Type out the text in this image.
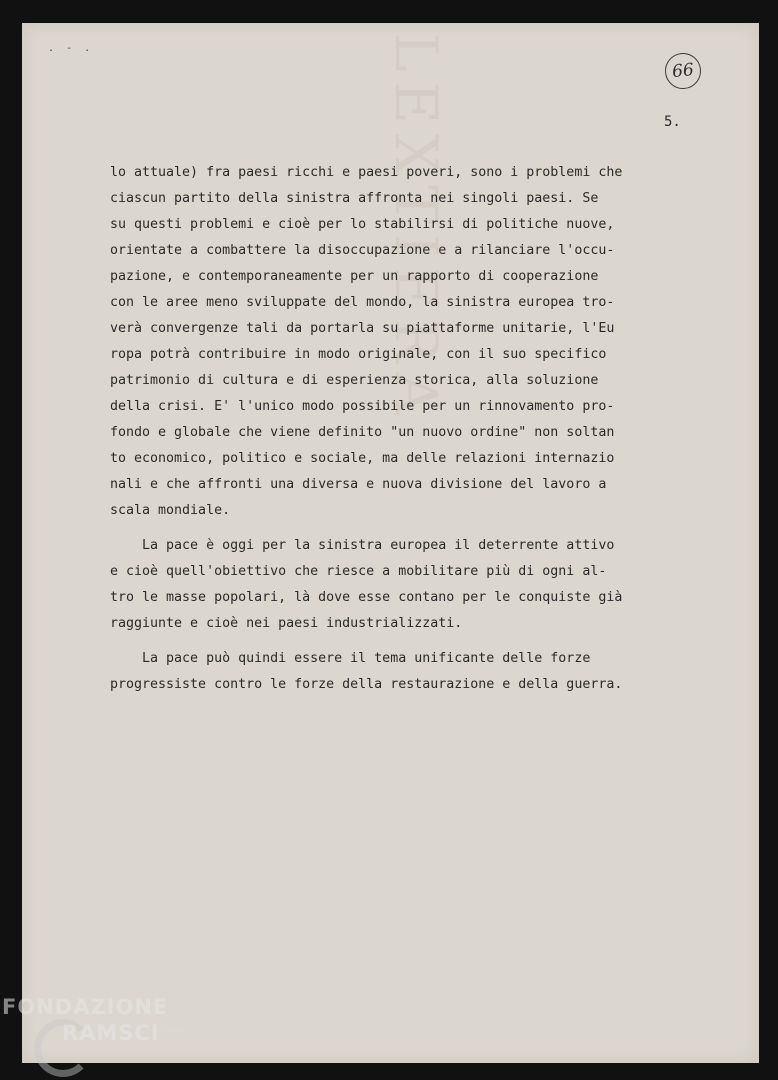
LEXTIERA
. - .
66
5.
lo attuale) fra paesi ricchi e paesi poveri, sono i problemi che
ciascun partito della sinistra affronta nei singoli paesi. Se
su questi problemi e cioè per lo stabilirsi di politiche nuove,
orientate a combattere la disoccupazione e a rilanciare l'occu-
pazione, e contemporaneamente per un rapporto di cooperazione
con le aree meno sviluppate del mondo, la sinistra europea tro-
verà convergenze tali da portarla su piattaforme unitarie, l'Eu
ropa potrà contribuire in modo originale, con il suo specifico
patrimonio di cultura e di esperienza storica, alla soluzione
della crisi. E' l'unico modo possibile per un rinnovamento pro-
fondo e globale che viene definito "un nuovo ordine" non soltan
to economico, politico e sociale, ma delle relazioni internazio
nali e che affronti una diversa e nuova divisione del lavoro a
scala mondiale.
La pace è oggi per la sinistra europea il deterrente attivo
e cioè quell'obiettivo che riesce a mobilitare più di ogni al-
tro le masse popolari, là dove esse contano per le conquiste già
raggiunte e cioè nei paesi industrializzati.
La pace può quindi essere il tema unificante delle forze
progressiste contro le forze della restaurazione e della guerra.
FONDAZIONE
RAMSCI onlus
